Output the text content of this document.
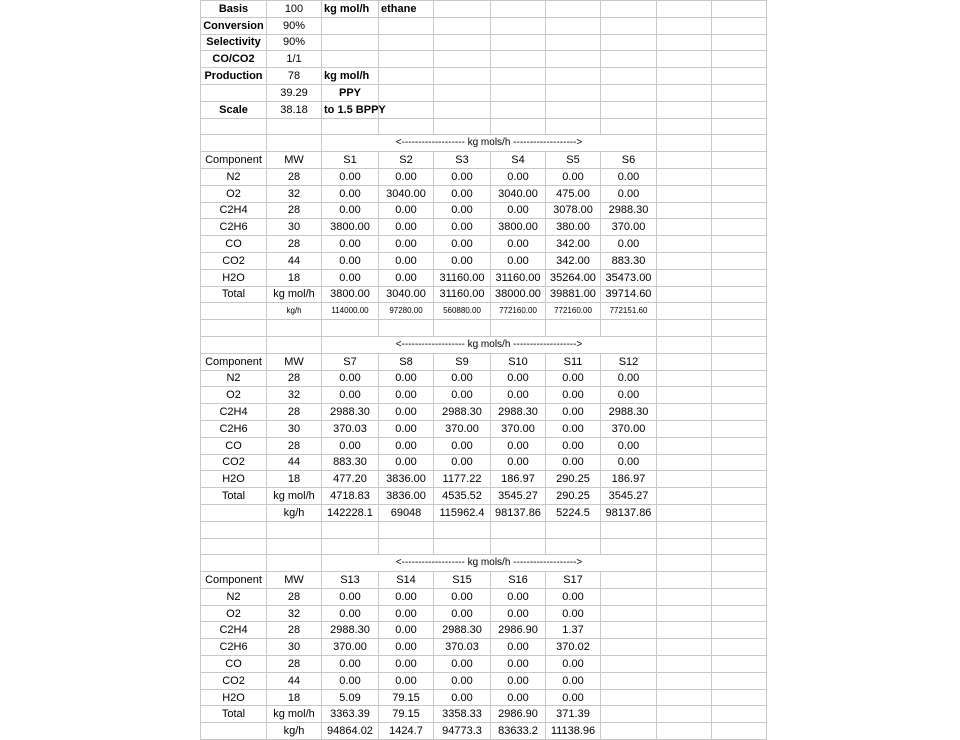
Basis	100	kg mol/h	ethane						
Conversion	90%								
Selectivity	90%								
CO/CO2	1/1								
Production	78	kg mol/h							
	39.29	PPY							
Scale	38.18	to 1.5 BPPY							

		<------------------- kg mols/h ------------------->							
Component	MW	S1	S2	S3	S4	S5	S6		
N2	28	0.00	0.00	0.00	0.00	0.00	0.00		
O2	32	0.00	3040.00	0.00	3040.00	475.00	0.00		
C2H4	28	0.00	0.00	0.00	0.00	3078.00	2988.30		
C2H6	30	3800.00	0.00	0.00	3800.00	380.00	370.00		
CO	28	0.00	0.00	0.00	0.00	342.00	0.00		
CO2	44	0.00	0.00	0.00	0.00	342.00	883.30		
H2O	18	0.00	0.00	31160.00	31160.00	35264.00	35473.00		
Total	kg mol/h	3800.00	3040.00	31160.00	38000.00	39881.00	39714.60		
	kg/h	114000.00	97280.00	560880.00	772160.00	772160.00	772151.60		

		<------------------- kg mols/h ------------------->							
Component	MW	S7	S8	S9	S10	S11	S12		
N2	28	0.00	0.00	0.00	0.00	0.00	0.00		
O2	32	0.00	0.00	0.00	0.00	0.00	0.00		
C2H4	28	2988.30	0.00	2988.30	2988.30	0.00	2988.30		
C2H6	30	370.03	0.00	370.00	370.00	0.00	370.00		
CO	28	0.00	0.00	0.00	0.00	0.00	0.00		
CO2	44	883.30	0.00	0.00	0.00	0.00	0.00		
H2O	18	477.20	3836.00	1177.22	186.97	290.25	186.97		
Total	kg mol/h	4718.83	3836.00	4535.52	3545.27	290.25	3545.27		
	kg/h	142228.1	69048	115962.4	98137.86	5224.5	98137.86		

		<------------------- kg mols/h ------------------->							
Component	MW	S13	S14	S15	S16	S17			
N2	28	0.00	0.00	0.00	0.00	0.00			
O2	32	0.00	0.00	0.00	0.00	0.00			
C2H4	28	2988.30	0.00	2988.30	2986.90	1.37			
C2H6	30	370.00	0.00	370.03	0.00	370.02			
CO	28	0.00	0.00	0.00	0.00	0.00			
CO2	44	0.00	0.00	0.00	0.00	0.00			
H2O	18	5.09	79.15	0.00	0.00	0.00			
Total	kg mol/h	3363.39	79.15	3358.33	2986.90	371.39			
	kg/h	94864.02	1424.7	94773.3	83633.2	11138.96			
